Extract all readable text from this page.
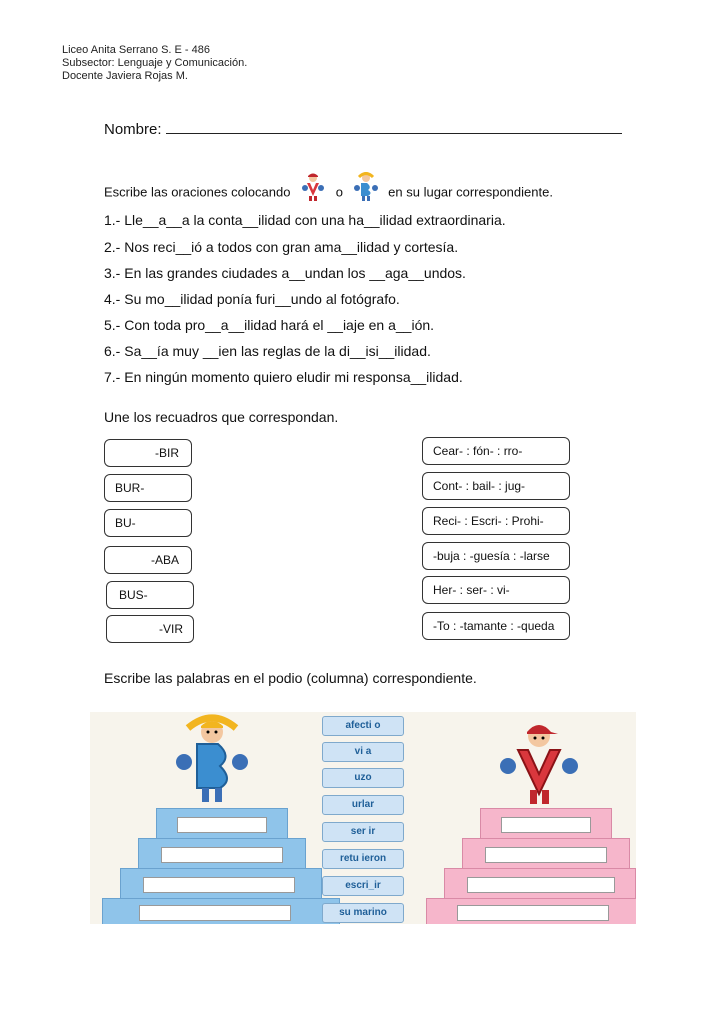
Liceo Anita Serrano S. E - 486
Subsector: Lenguaje y Comunicación.
Docente Javiera Rojas M.
Nombre:
Escribe las oraciones colocando	o	en su lugar correspondiente.
1.- Lle__a__a la conta__ilidad con una ha__ilidad extraordinaria.
2.- Nos reci__ió a todos con gran ama__ilidad y cortesía.
3.- En las grandes ciudades a__undan los __aga__undos.
4.- Su mo__ilidad ponía furi__undo al fotógrafo.
5.- Con toda pro__a__ilidad hará el __iaje en a__ión.
6.- Sa__ía muy __ien las reglas de la di__isi__ilidad.
7.- En ningún momento quiero eludir mi responsa__ilidad.
Une los recuadros que correspondan.
-BIR
BUR-
BU-
-ABA
BUS-
-VIR
Cear- : fón- : rro-
Cont- : bail- : jug-
Reci- : Escri- : Prohi-
-buja : -guesía : -larse
Her- : ser- : vi-
-To : -tamante : -queda
Escribe las palabras en el podio (columna) correspondiente.
afecti o
vi a
uzo
urlar
ser ir
retu ieron
escri_ir
su marino
